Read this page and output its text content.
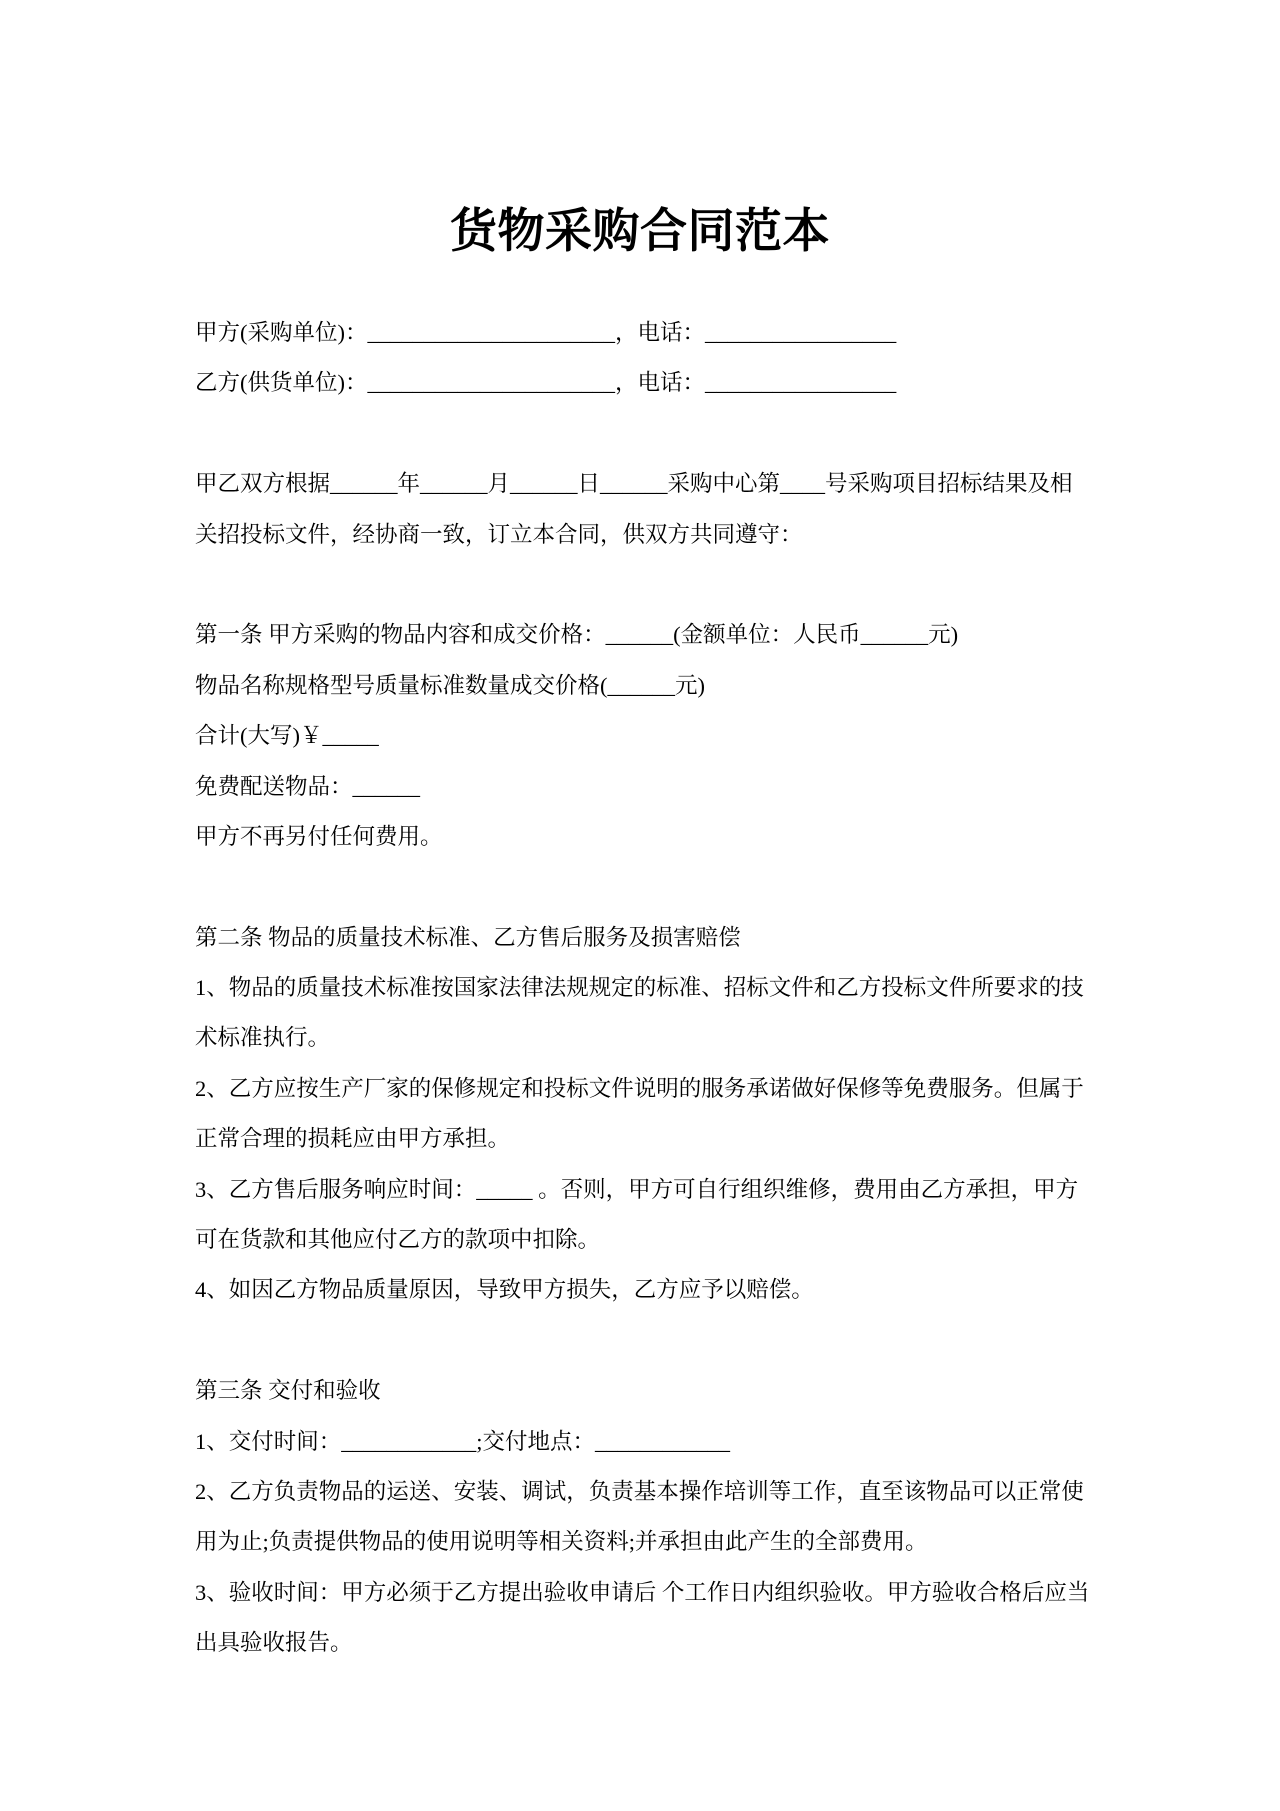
货物采购合同范本
甲方(采购单位)：______________________，电话：_________________
乙方(供货单位)：______________________，电话：_________________
甲乙双方根据______年______月______日______采购中心第____号采购项目招标结果及相
关招投标文件，经协商一致，订立本合同，供双方共同遵守：
第一条 甲方采购的物品内容和成交价格：______(金额单位：人民币______元)
物品名称规格型号质量标准数量成交价格(______元)
合计(大写)￥_____
免费配送物品：______
甲方不再另付任何费用。
第二条 物品的质量技术标准、乙方售后服务及损害赔偿
1、物品的质量技术标准按国家法律法规规定的标准、招标文件和乙方投标文件所要求的技
术标准执行。
2、乙方应按生产厂家的保修规定和投标文件说明的服务承诺做好保修等免费服务。但属于
正常合理的损耗应由甲方承担。
3、乙方售后服务响应时间：_____ 。否则，甲方可自行组织维修，费用由乙方承担，甲方
可在货款和其他应付乙方的款项中扣除。
4、如因乙方物品质量原因，导致甲方损失，乙方应予以赔偿。
第三条 交付和验收
1、交付时间：____________;交付地点：____________
2、乙方负责物品的运送、安装、调试，负责基本操作培训等工作，直至该物品可以正常使
用为止;负责提供物品的使用说明等相关资料;并承担由此产生的全部费用。
3、验收时间：甲方必须于乙方提出验收申请后 个工作日内组织验收。甲方验收合格后应当
出具验收报告。
